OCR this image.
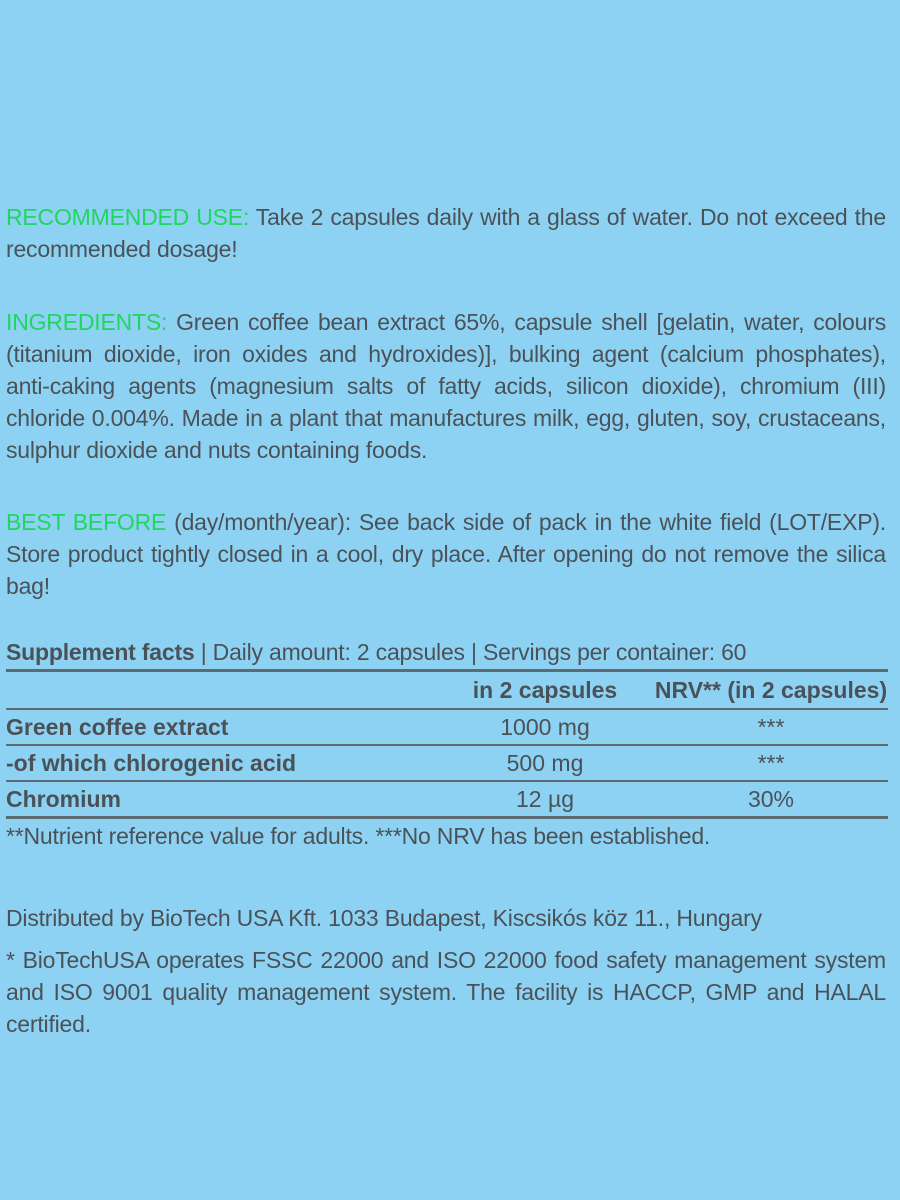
RECOMMENDED USE: Take 2 capsules daily with a glass of water. Do not exceed the recommended dosage!
INGREDIENTS: Green coffee bean extract 65%, capsule shell [gelatin, water, colours (titanium dioxide, iron oxides and hydroxides)], bulking agent (calcium phosphates), anti-caking agents (magnesium salts of fatty acids, silicon dioxide), chromium (III) chloride 0.004%. Made in a plant that manufactures milk, egg, gluten, soy, crustaceans, sulphur dioxide and nuts containing foods.
BEST BEFORE (day/month/year): See back side of pack in the white field (LOT/EXP). Store product tightly closed in a cool, dry place. After opening do not remove the silica bag!
Supplement facts | Daily amount: 2 capsules | Servings per container: 60
	in 2 capsules	NRV** (in 2 capsules)
Green coffee extract	1000 mg	***
-of which chlorogenic acid	500 mg	***
Chromium	12 µg	30%
**Nutrient reference value for adults. ***No NRV has been established.
Distributed by BioTech USA Kft. 1033 Budapest, Kiscsikós köz 11., Hungary
* BioTechUSA operates FSSC 22000 and ISO 22000 food safety management system and ISO 9001 quality management system. The facility is HACCP, GMP and HALAL certified.
